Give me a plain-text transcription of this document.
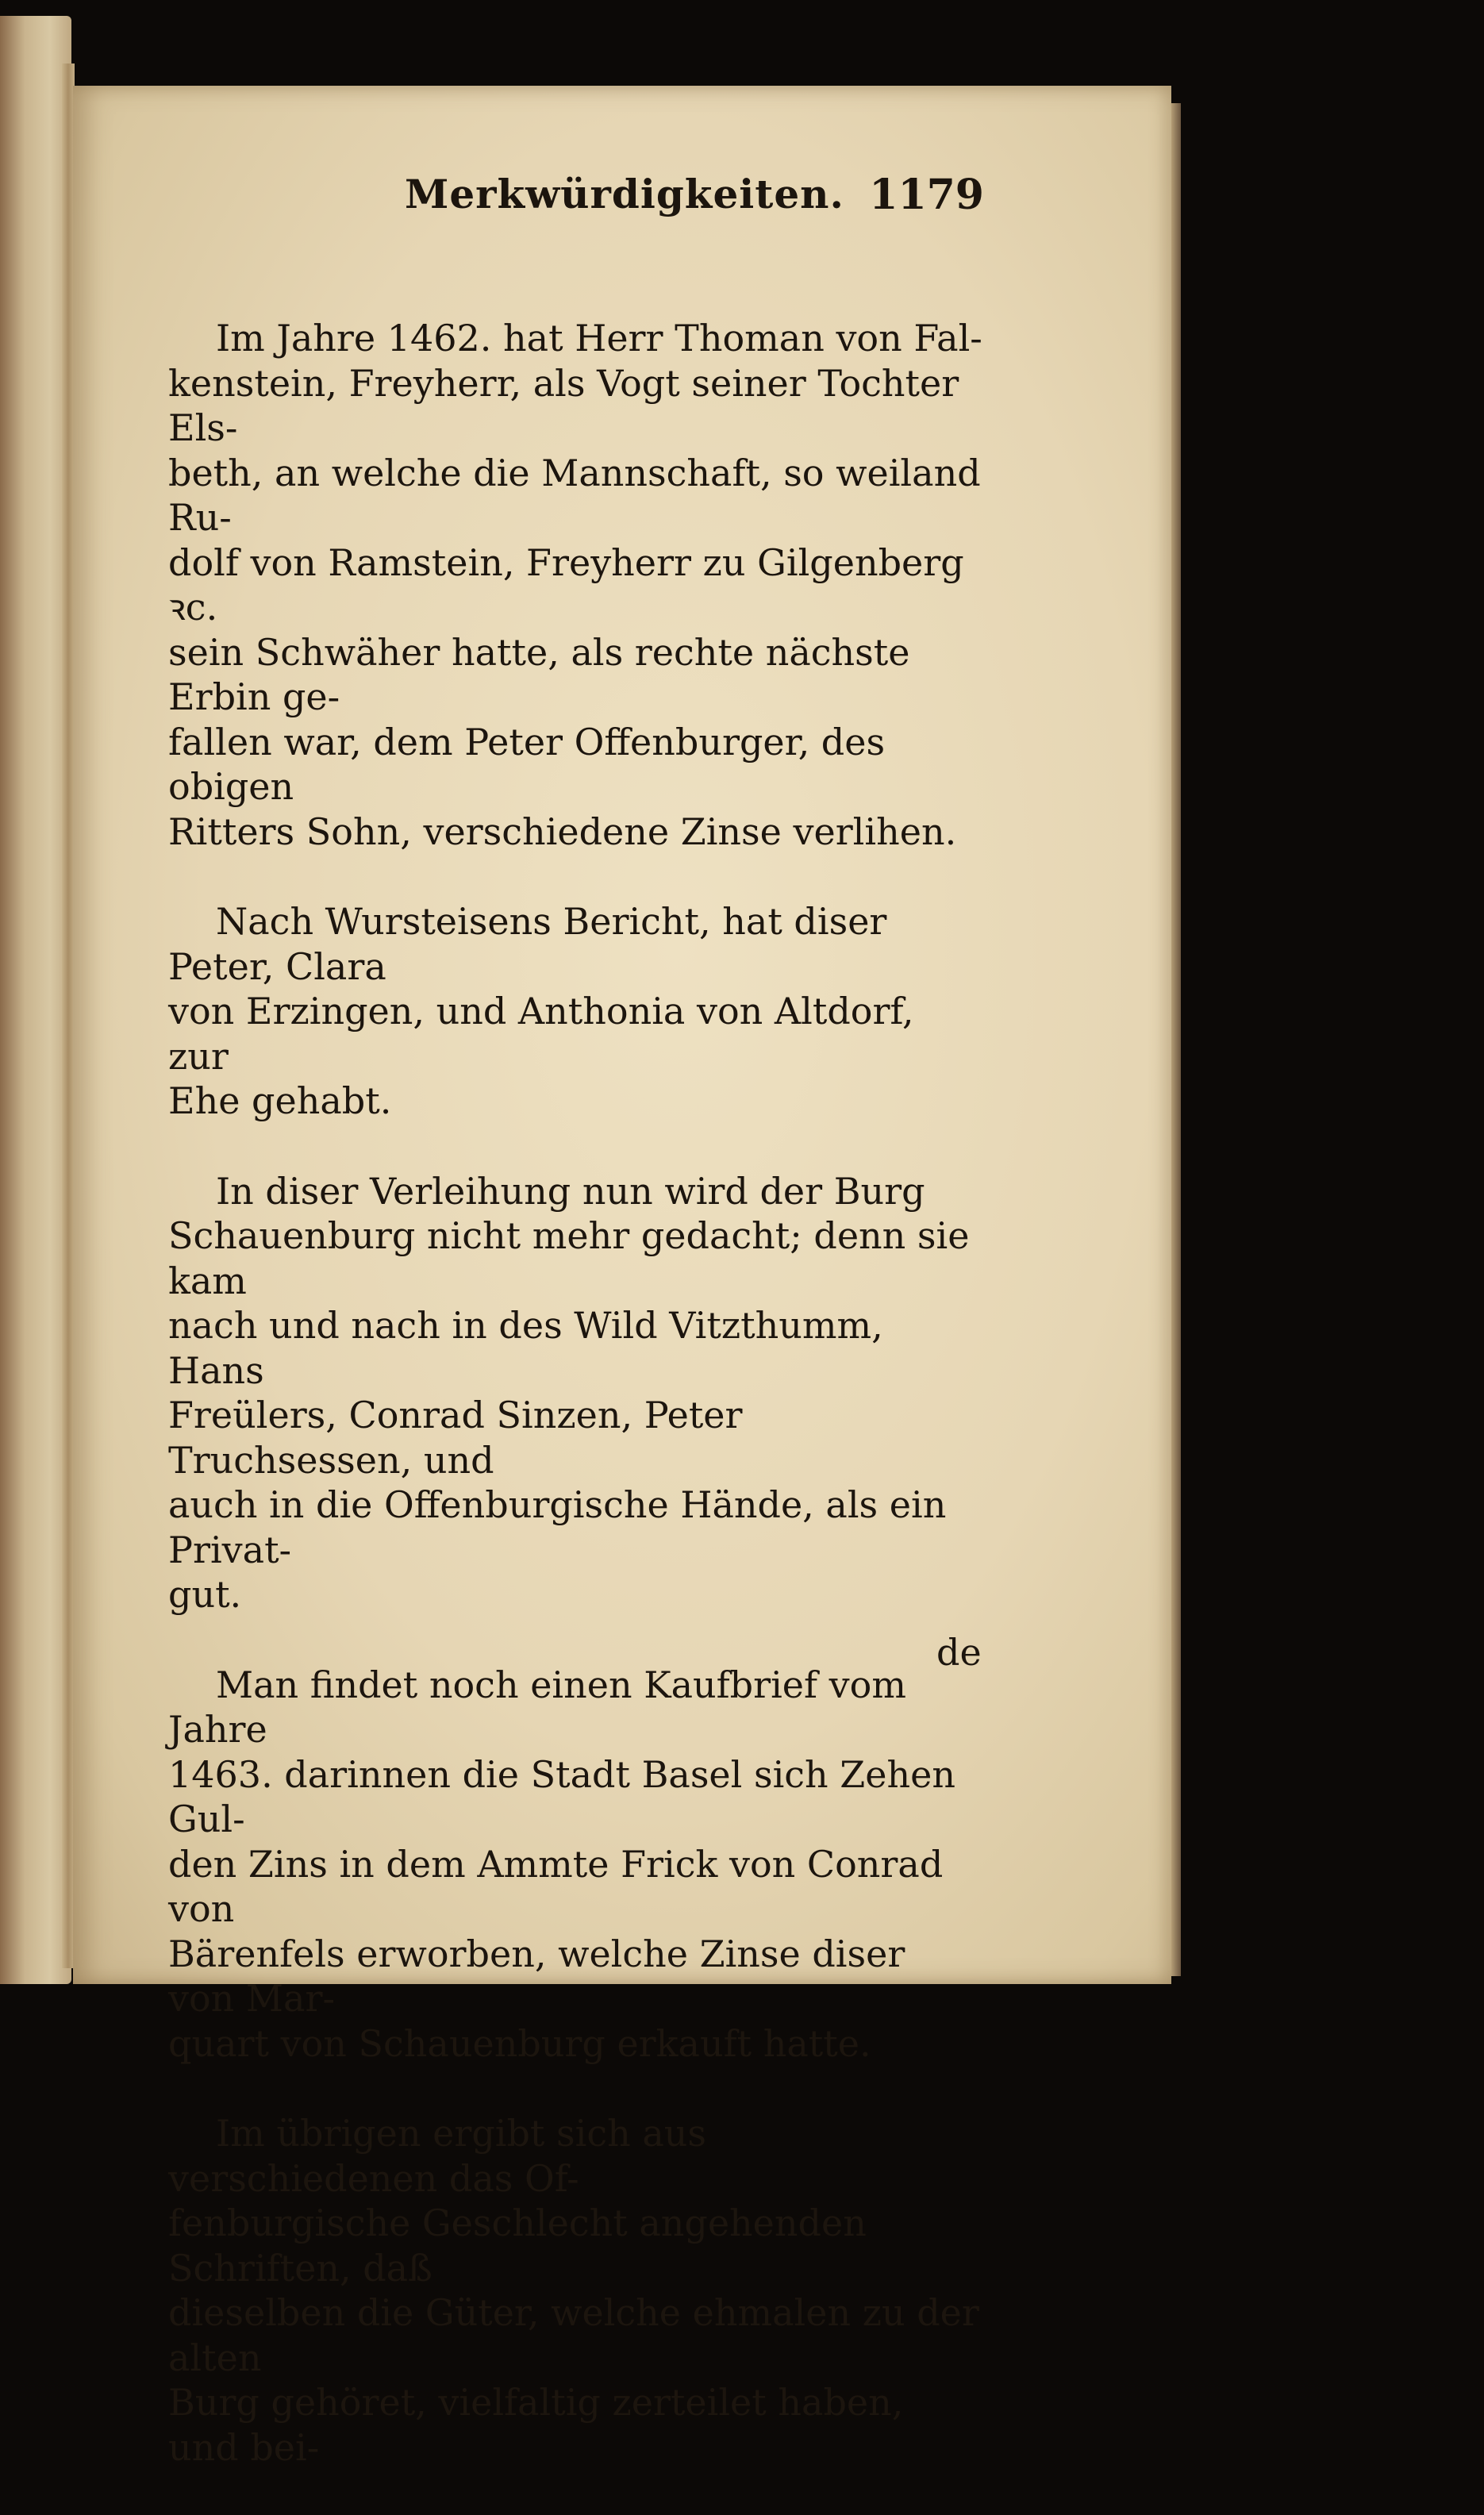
Merkwürdigkeiten. 1179

Im Jahre 1462. hat Herr Thoman von Fal-
kenstein, Freyherr, als Vogt seiner Tochter Els-
beth, an welche die Mannschaft, so weiland Ru-
dolf von Ramstein, Freyherr zu Gilgenberg ꝛc.
sein Schwäher hatte, als rechte nächste Erbin ge-
fallen war, dem Peter Offenburger, des obigen
Ritters Sohn, verschiedene Zinse verlihen.

Nach Wursteisens Bericht, hat diser Peter, Clara
von Erzingen, und Anthonia von Altdorf, zur
Ehe gehabt.

In diser Verleihung nun wird der Burg
Schauenburg nicht mehr gedacht; denn sie kam
nach und nach in des Wild Vitzthumm, Hans
Freülers, Conrad Sinzen, Peter Truchsessen, und
auch in die Offenburgische Hände, als ein Privat-
gut.

Man findet noch einen Kaufbrief vom Jahre
1463. darinnen die Stadt Basel sich Zehen Gul-
den Zins in dem Ammte Frick von Conrad von
Bärenfels erworben, welche Zinse diser von Mar-
quart von Schauenburg erkauft hatte.

Im übrigen ergibt sich aus verschiedenen das Of-
fenburgische Geschlecht angehenden Schriften, daß
dieselben die Güter, welche ehmalen zu der alten
Burg gehöret, vielfaltig zerteilet haben, und bei-

de
